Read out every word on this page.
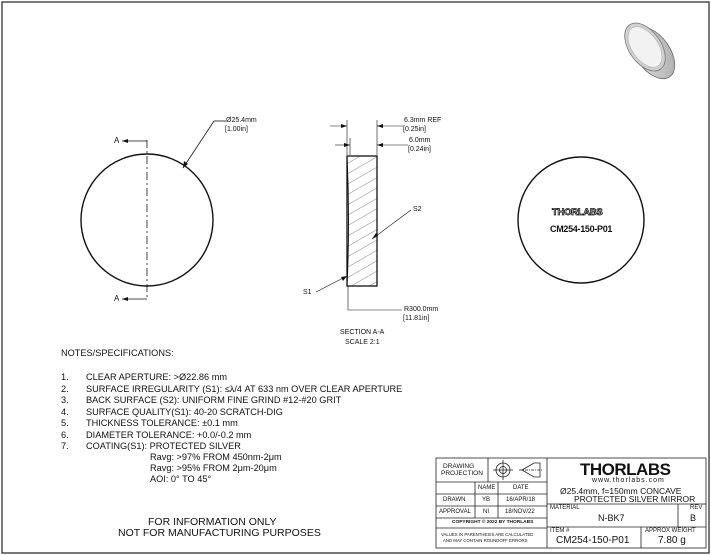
A
A
Ø25.4mm
[1.00in]
6.3mm REF
[0.25in]
6.0mm
[0.24in]
S2
S1
R300.0mm
[11.81in]
SECTION A-A
SCALE 2:1
THORLABS
CM254-150-P01
NOTES/SPECIFICATIONS:
1. CLEAR APERTURE: >Ø22.86 mm
2. SURFACE IRREGULARITY (S1): ≤λ/4 AT 633 nm OVER CLEAR APERTURE
3. BACK SURFACE (S2): UNIFORM FINE GRIND #12-#20 GRIT
4. SURFACE QUALITY(S1): 40-20 SCRATCH-DIG
5. THICKNESS TOLERANCE: ±0.1 mm
6. DIAMETER TOLERANCE: +0.0/-0.2 mm
7. COATING(S1): PROTECTED SILVER
Ravg: >97% FROM 450nm-2μm
Ravg: >95% FROM 2μm-20μm
AOI: 0° TO 45°
FOR INFORMATION ONLY
NOT FOR MANUFACTURING PURPOSES
DRAWING
PROJECTION
NAME	DATE
DRAWN	YB	16/APR/18
APPROVAL NI	18/NOV/22
COPYRIGHT © 2022 BY THORLABS
VALUES IN PARENTHESIS ARE CALCULATED
AND MAY CONTAIN ROUNDOFF ERRORS
THORLABS
www.thorlabs.com
Ø25.4mm, f=150mm CONCAVE
PROTECTED SILVER MIRROR
MATERIAL
N-BK7
REV
B
ITEM #
CM254-150-P01
APPROX WEIGHT
7.80 g
